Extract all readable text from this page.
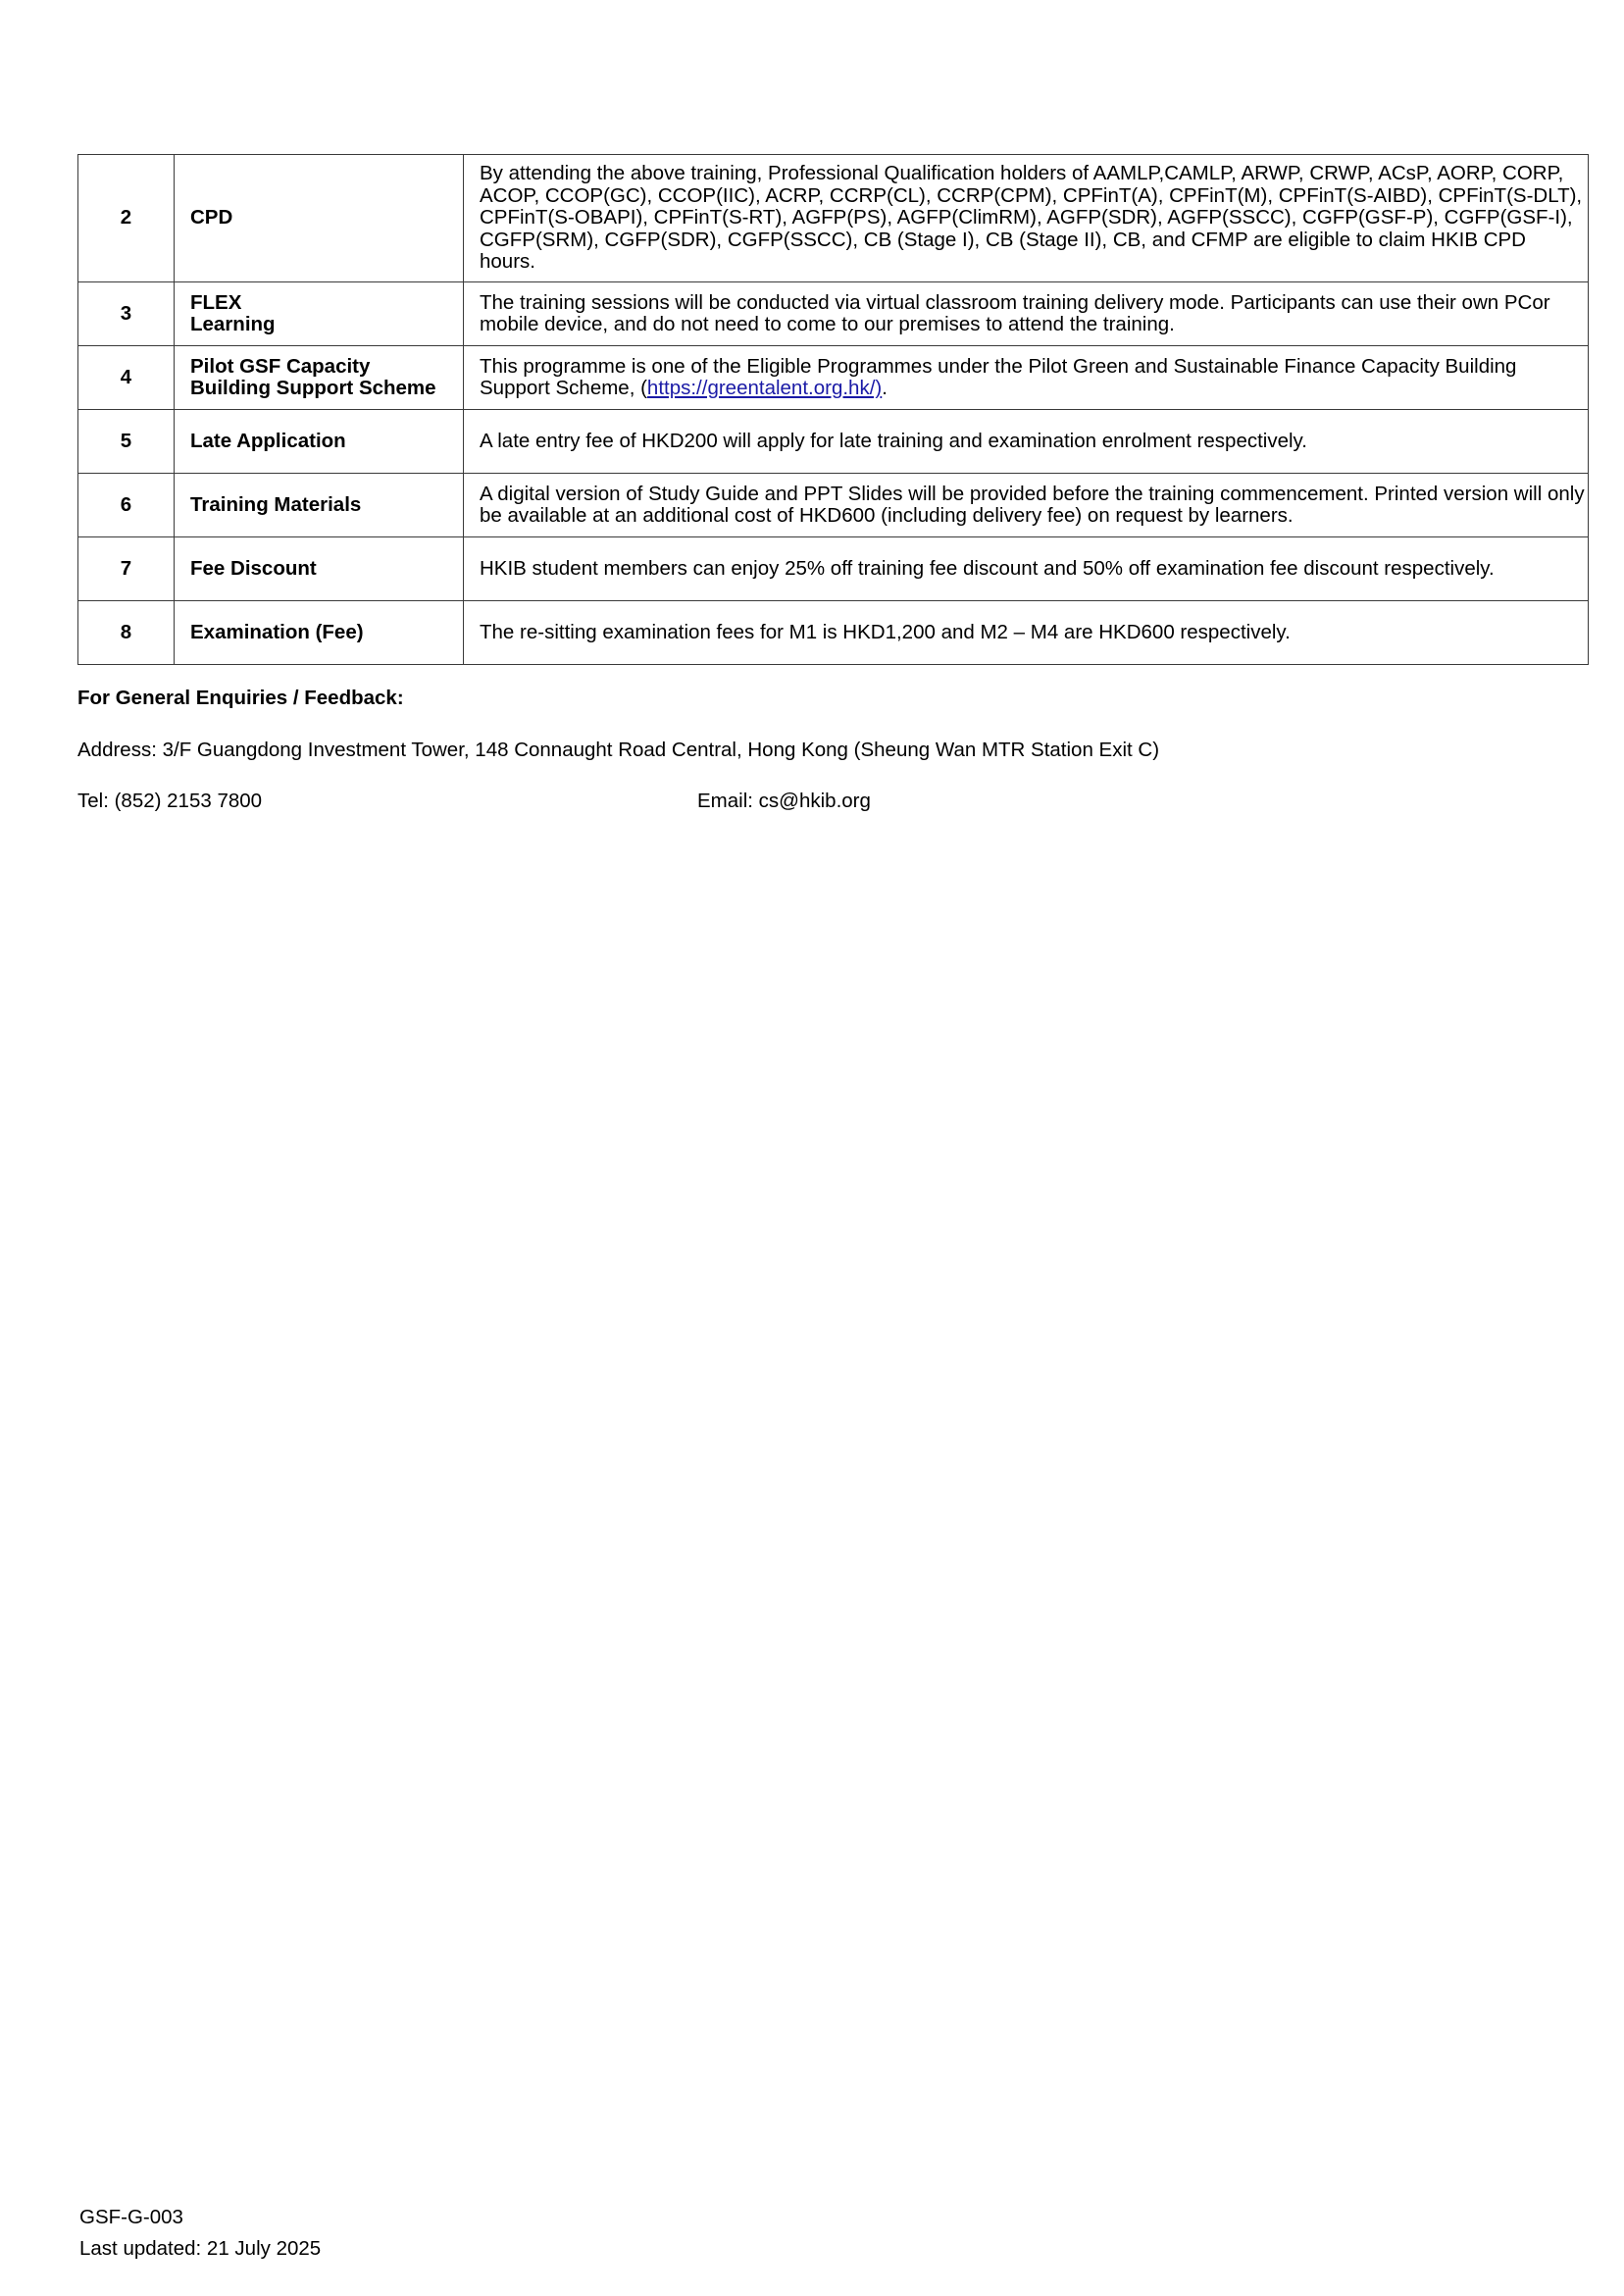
2	CPD	By attending the above training, Professional Qualification holders of AAMLP,CAMLP, ARWP, CRWP, ACsP, AORP, CORP, ACOP, CCOP(GC), CCOP(IIC), ACRP, CCRP(CL), CCRP(CPM), CPFinT(A), CPFinT(M), CPFinT(S-AIBD), CPFinT(S-DLT), CPFinT(S-OBAPI), CPFinT(S-RT), AGFP(PS), AGFP(ClimRM), AGFP(SDR), AGFP(SSCC), CGFP(GSF-P), CGFP(GSF-I), CGFP(SRM), CGFP(SDR), CGFP(SSCC), CB (Stage I), CB (Stage II), CB, and CFMP are eligible to claim HKIB CPD hours.
3	FLEX
Learning	The training sessions will be conducted via virtual classroom training delivery mode. Participants can use their own PCor mobile device, and do not need to come to our premises to attend the training.
4	Pilot GSF Capacity
Building Support Scheme	This programme is one of the Eligible Programmes under the Pilot Green and Sustainable Finance Capacity Building Support Scheme, (https://greentalent.org.hk/).
5	Late Application	A late entry fee of HKD200 will apply for late training and examination enrolment respectively.
6	Training Materials	A digital version of Study Guide and PPT Slides will be provided before the training commencement. Printed version will only be available at an additional cost of HKD600 (including delivery fee) on request by learners.
7	Fee Discount	HKIB student members can enjoy 25% off training fee discount and 50% off examination fee discount respectively.
8	Examination (Fee)	The re-sitting examination fees for M1 is HKD1,200 and M2 – M4 are HKD600 respectively.
For General Enquiries / Feedback:
Address: 3/F Guangdong Investment Tower, 148 Connaught Road Central, Hong Kong (Sheung Wan MTR Station Exit C)
Tel: (852) 2153 7800	Email: cs@hkib.org
GSF-G-003
Last updated: 21 July 2025
